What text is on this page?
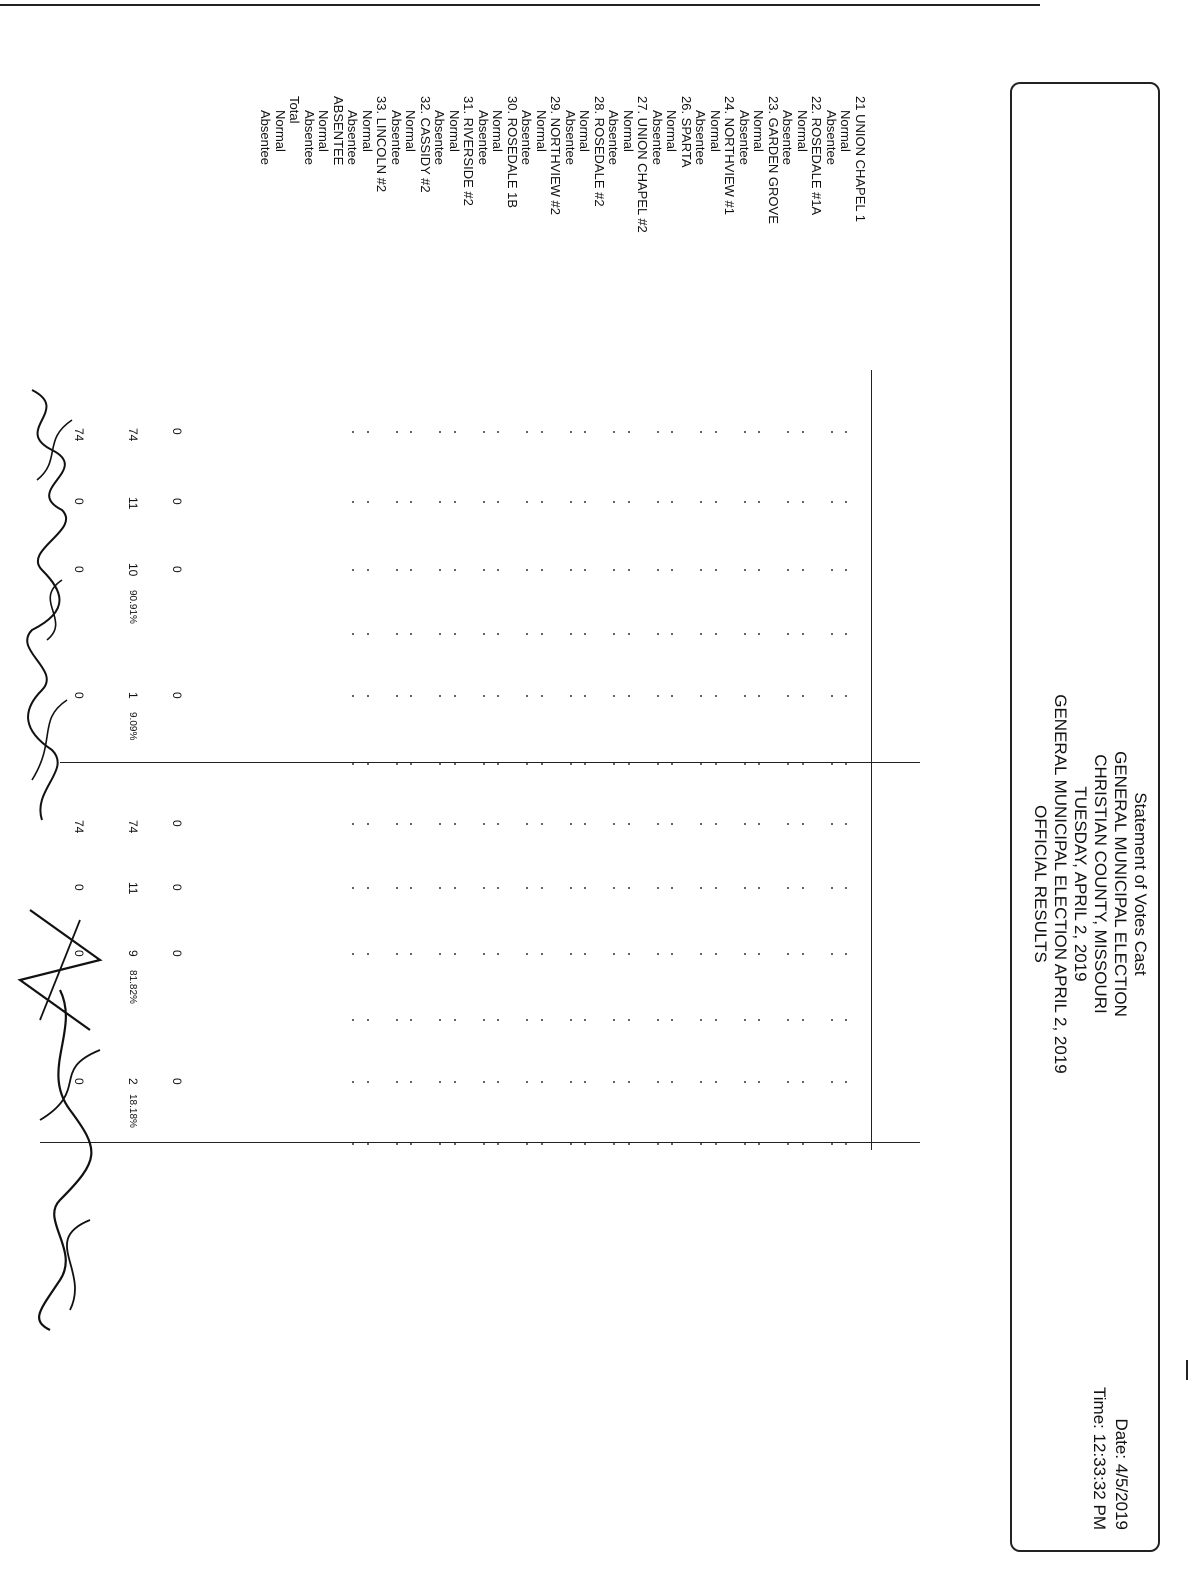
Statement of Votes Cast
GENERAL MUNICIPAL ELECTION
CHRISTIAN COUNTY, MISSOURI
TUESDAY, APRIL 2, 2019
GENERAL MUNICIPAL ELECTION APRIL 2, 2019
OFFICIAL RESULTS
Date: 4/5/2019
Time: 12:33:32 PM
21 UNION CHAPEL 1
Normal
Absentee
22. ROSEDALE #1A
Normal
Absentee
23. GARDEN GROVE
Normal
Absentee
24. NORTHVIEW #1
Normal
Absentee
26. SPARTA
Normal
Absentee
27. UNION CHAPEL #2
Normal
Absentee
28. ROSEDALE #2
Normal
Absentee
29. NORTHVIEW #2
Normal
Absentee
30. ROSEDALE 1B
Normal
Absentee
31. RIVERSIDE #2
Normal
Absentee
32. CASSIDY #2
Normal
Absentee
33. LINCOLN #2
Normal
Absentee
ABSENTEE
Normal
Absentee
Total
Normal
Absentee
0
0
0
0
74
11
10
90.91%
1
9.09%
74
0
0
0
0
0
0
0
74
11
9
81.82%
2
18.18%
74
0
0
0
